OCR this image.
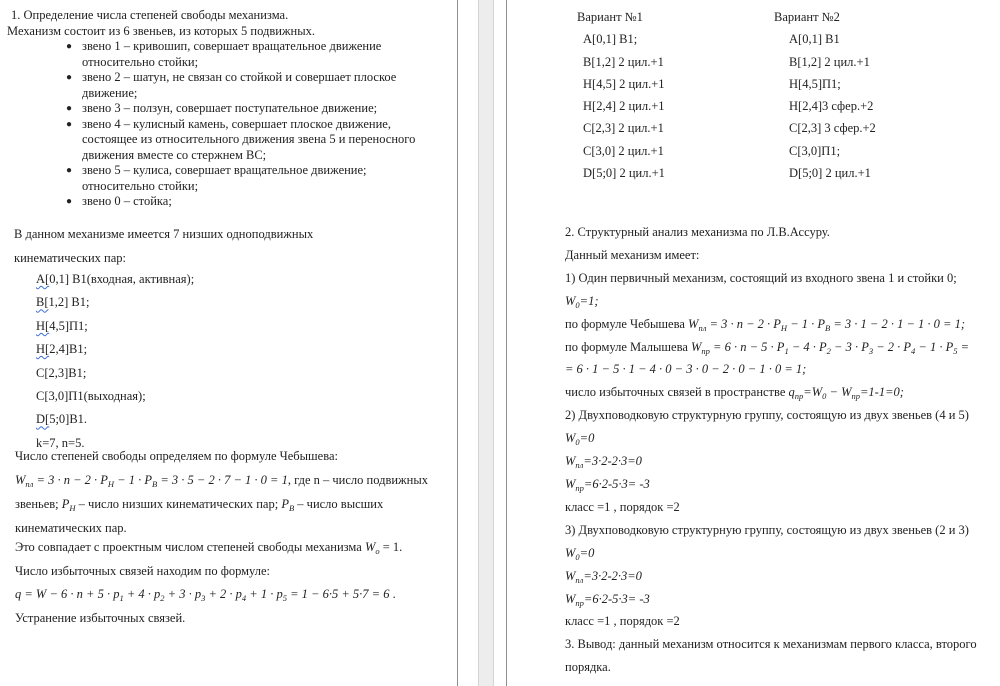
1. Определение числа степеней свободы механизма.

Механизм состоит из 6 звеньев, из которых 5 подвижных.

● звено 1 – кривошип, совершает вращательное движение
относительно стойки;
● звено 2 – шатун, не связан со стойкой и совершает плоское
движение;
● звено 3 – ползун, совершает поступательное движение;
● звено 4 – кулисный камень, совершает плоское движение,
состоящее из относительного движения звена 5 и переносного
движения вместе со стержнем ВС;
● звено 5 – кулиса, совершает вращательное движение;
относительно стойки;
● звено 0 – стойка;

В данном механизме имеется 7 низших одноподвижных
кинематических пар:

A[0,1] B1(входная, активная);

B[1,2] B1;

H[4,5]П1;

H[2,4]B1;

C[2,3]B1;

C[3,0]П1(выходная);

D[5;0]B1.

k=7, n=5.

Число степеней свободы определяем по формуле Чебышева:

$W_{пл} = 3 \cdot n - 2 \cdot P_Н - 1 \cdot P_В = 3 \cdot 5 - 2 \cdot 7 - 1 \cdot 0 = 1$, где n – число подвижных

звеньев; $P_Н$ – число низших кинематических пар; $P_В$ – число высших

кинематических пар.

Это совпадает с проектным числом степеней свободы механизма $W_о = 1$.

Число избыточных связей находим по формуле:

$q = W - 6 \cdot n + 5 \cdot p_1 + 4 \cdot p_2 + 3 \cdot p_3 + 2 \cdot p_4 + 1 \cdot p_5 = 1 - 6\cdot 5 + 5\cdot 7 = 6$ .

Устранение избыточных связей.

Вариант №1

A[0,1] B1;

B[1,2] 2 цил.+1

H[4,5] 2 цил.+1

H[2,4] 2 цил.+1

C[2,3] 2 цил.+1

C[3,0] 2 цил.+1

D[5;0] 2 цил.+1

Вариант №2

A[0,1] B1

B[1,2] 2 цил.+1

H[4,5]П1;

H[2,4]3 сфер.+2

C[2,3] 3 сфер.+2

C[3,0]П1;

D[5;0] 2 цил.+1

2. Структурный анализ механизма по Л.В.Ассуру.

Данный механизм имеет:

1) Один первичный механизм, состоящий из входного звена 1 и стойки 0;

$W_0=1$;

по формуле Чебышева $W_{пл} = 3 \cdot n - 2 \cdot P_Н - 1 \cdot P_В = 3 \cdot 1 - 2 \cdot 1 - 1 \cdot 0 = 1$;

по формуле Малышева $W_{пр} = 6 \cdot n - 5 \cdot P_1 - 4 \cdot P_2 - 3 \cdot P_3 - 2 \cdot P_4 - 1 \cdot P_5$ =

= 6 · 1 − 5 · 1 − 4 · 0 − 3 · 0 − 2 · 0 − 1 · 0 = 1;

число избыточных связей в пространстве $q_{пр}=W_0 - W_{пр}=1-1=0$;

2) Двухповодковую структурную группу, состоящую из двух звеньев (4 и 5)

$W_0=0$

$W_{пл}=3\cdot 2-2\cdot 3=0$

$W_{пр}=6\cdot 2-5\cdot 3= -3$

класс =1 , порядок =2

3) Двухповодковую структурную группу, состоящую из двух звеньев (2 и 3)

$W_0=0$

$W_{пл}=3\cdot 2-2\cdot 3=0$

$W_{пр}=6\cdot 2-5\cdot 3= -3$

класс =1 , порядок =2

3. Вывод: данный механизм относится к механизмам первого класса, второго

порядка.
